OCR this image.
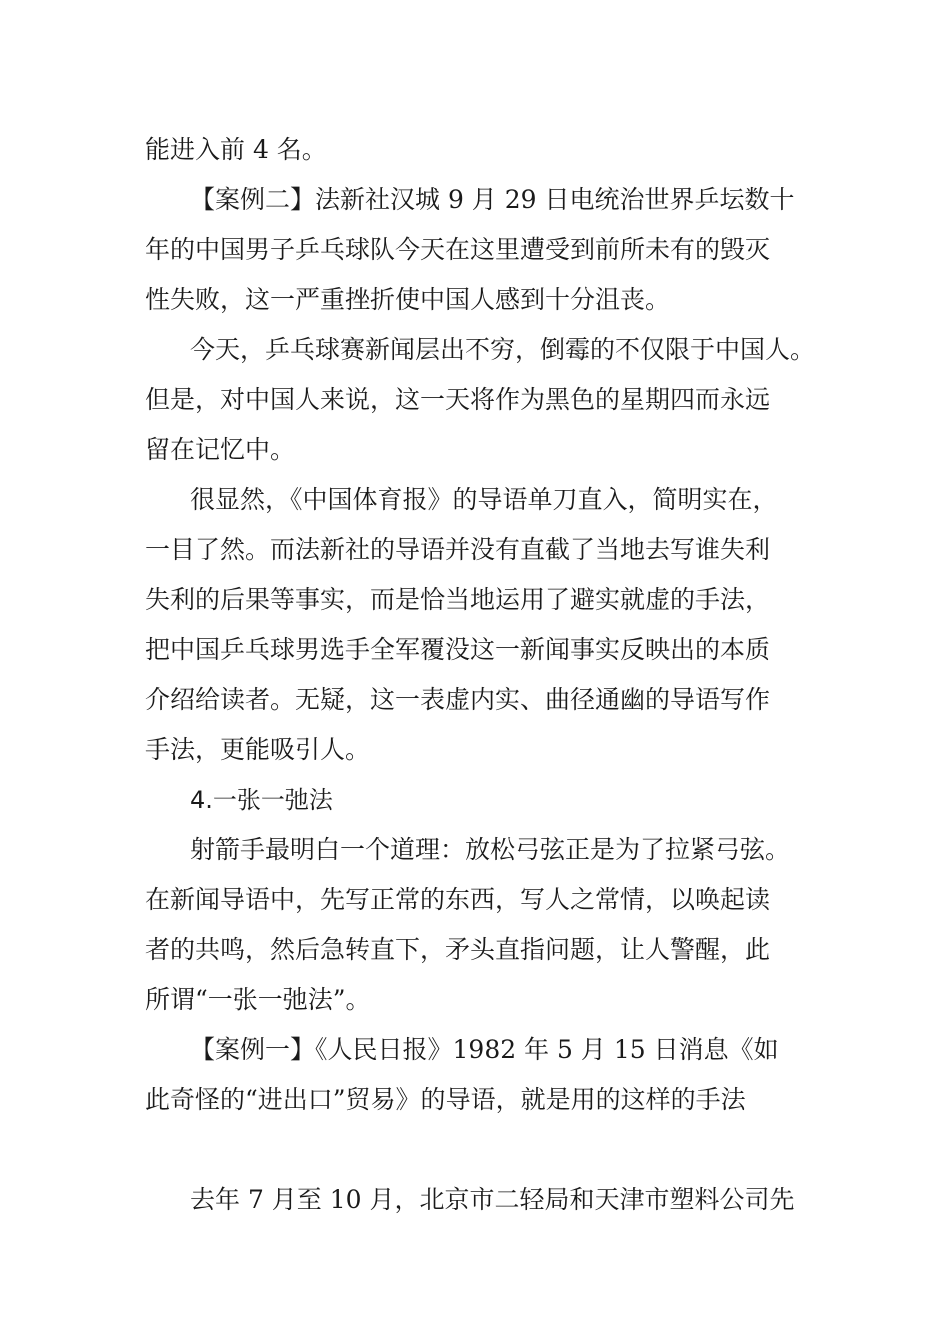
能进入前 4 名。
【案例二】法新社汉城 9 月 29 日电统治世界乒坛数十
年的中国男子乒乓球队今天在这里遭受到前所未有的毁灭
性失败，这一严重挫折使中国人感到十分沮丧。
今天，乒乓球赛新闻层出不穷，倒霉的不仅限于中国人。
但是，对中国人来说，这一天将作为黑色的星期四而永远
留在记忆中。
很显然，《中国体育报》的导语单刀直入，简明实在，
一目了然。而法新社的导语并没有直截了当地去写谁失利
失利的后果等事实，而是恰当地运用了避实就虚的手法，
把中国乒乓球男选手全军覆没这一新闻事实反映出的本质
介绍给读者。无疑，这一表虚内实、曲径通幽的导语写作
手法，更能吸引人。
4.一张一弛法
射箭手最明白一个道理：放松弓弦正是为了拉紧弓弦。
在新闻导语中，先写正常的东西，写人之常情，以唤起读
者的共鸣，然后急转直下，矛头直指问题，让人警醒，此
所谓“一张一弛法”。
【案例一】《人民日报》1982 年 5 月 15 日消息《如
此奇怪的“进出口”贸易》的导语，就是用的这样的手法
去年 7 月至 10 月，北京市二轻局和天津市塑料公司先
